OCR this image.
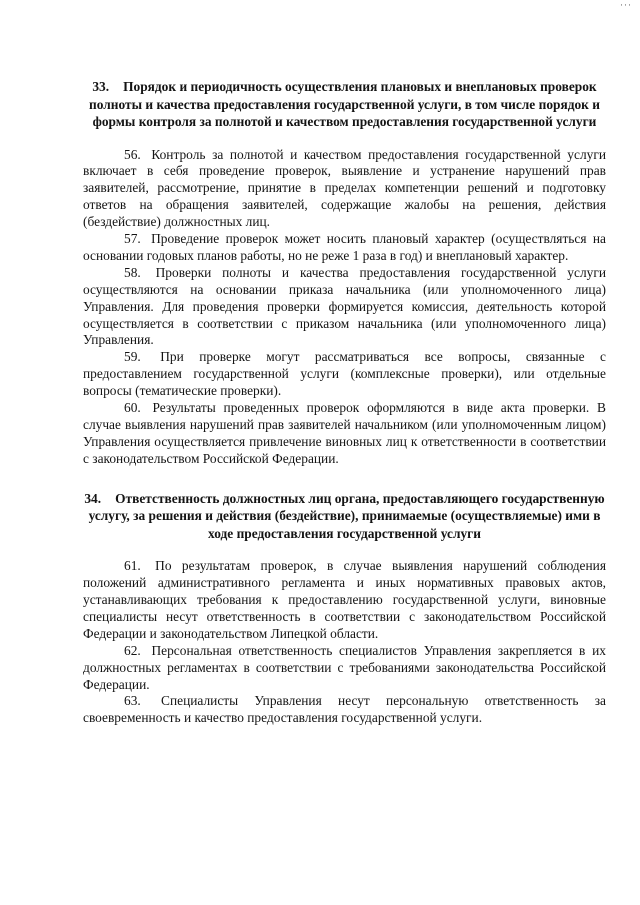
···
33. Порядок и периодичность осуществления плановых и внеплановых проверок полноты и качества предоставления государственной услуги, в том числе порядок и формы контроля за полнотой и качеством предоставления государственной услуги

56. Контроль за полнотой и качеством предоставления государственной услуги включает в себя проведение проверок, выявление и устранение нарушений прав заявителей, рассмотрение, принятие в пределах компетенции решений и подготовку ответов на обращения заявителей, содержащие жалобы на решения, действия (бездействие) должностных лиц.

57. Проведение проверок может носить плановый характер (осуществляться на основании годовых планов работы, но не реже 1 раза в год) и внеплановый характер.

58. Проверки полноты и качества предоставления государственной услуги осуществляются на основании приказа начальника (или уполномоченного лица) Управления. Для проведения проверки формируется комиссия, деятельность которой осуществляется в соответствии с приказом начальника (или уполномоченного лица) Управления.

59. При проверке могут рассматриваться все вопросы, связанные с предоставлением государственной услуги (комплексные проверки), или отдельные вопросы (тематические проверки).

60. Результаты проведенных проверок оформляются в виде акта проверки. В случае выявления нарушений прав заявителей начальником (или уполномоченным лицом) Управления осуществляется привлечение виновных лиц к ответственности в соответствии с законодательством Российской Федерации.

34. Ответственность должностных лиц органа, предоставляющего государственную услугу, за решения и действия (бездействие), принимаемые (осуществляемые) ими в ходе предоставления государственной услуги

61. По результатам проверок, в случае выявления нарушений соблюдения положений административного регламента и иных нормативных правовых актов, устанавливающих требования к предоставлению государственной услуги, виновные специалисты несут ответственность в соответствии с законодательством Российской Федерации и законодательством Липецкой области.

62. Персональная ответственность специалистов Управления закрепляется в их должностных регламентах в соответствии с требованиями законодательства Российской Федерации.

63. Специалисты Управления несут персональную ответственность за своевременность и качество предоставления государственной услуги.
